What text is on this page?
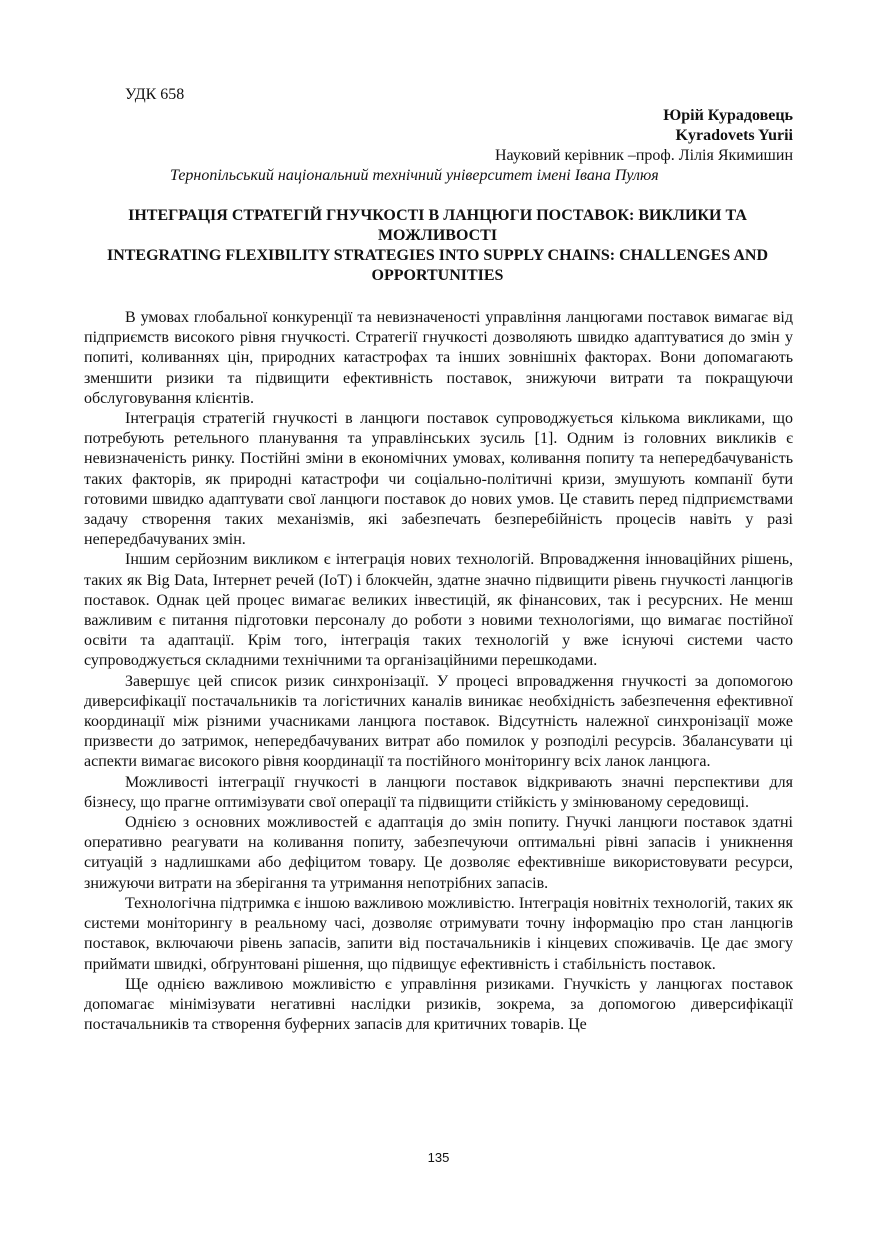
УДК 658
Юрій Курадовець
Kyradovets Yurii
Науковий керівник –проф. Лілія Якимишин
Тернопільський національний технічний університет імені Івана Пулюя
ІНТЕГРАЦІЯ СТРАТЕГІЙ ГНУЧКОСТІ В ЛАНЦЮГИ ПОСТАВОК: ВИКЛИКИ ТА МОЖЛИВОСТІ
INTEGRATING FLEXIBILITY STRATEGIES INTO SUPPLY CHAINS: CHALLENGES AND OPPORTUNITIES

В умовах глобальної конкуренції та невизначеності управління ланцюгами поставок вимагає від підприємств високого рівня гнучкості. Стратегії гнучкості дозволяють швидко адаптуватися до змін у попиті, коливаннях цін, природних катастрофах та інших зовнішніх факторах. Вони допомагають зменшити ризики та підвищити ефективність поставок, знижуючи витрати та покращуючи обслуговування клієнтів.

Інтеграція стратегій гнучкості в ланцюги поставок супроводжується кількома викликами, що потребують ретельного планування та управлінських зусиль [1]. Одним із головних викликів є невизначеність ринку. Постійні зміни в економічних умовах, коливання попиту та непередбачуваність таких факторів, як природні катастрофи чи соціально-політичні кризи, змушують компанії бути готовими швидко адаптувати свої ланцюги поставок до нових умов. Це ставить перед підприємствами задачу створення таких механізмів, які забезпечать безперебійність процесів навіть у разі непередбачуваних змін.

Іншим серйозним викликом є інтеграція нових технологій. Впровадження інноваційних рішень, таких як Big Data, Інтернет речей (IoT) і блокчейн, здатне значно підвищити рівень гнучкості ланцюгів поставок. Однак цей процес вимагає великих інвестицій, як фінансових, так і ресурсних. Не менш важливим є питання підготовки персоналу до роботи з новими технологіями, що вимагає постійної освіти та адаптації. Крім того, інтеграція таких технологій у вже існуючі системи часто супроводжується складними технічними та організаційними перешкодами.

Завершує цей список ризик синхронізації. У процесі впровадження гнучкості за допомогою диверсифікації постачальників та логістичних каналів виникає необхідність забезпечення ефективної координації між різними учасниками ланцюга поставок. Відсутність належної синхронізації може призвести до затримок, непередбачуваних витрат або помилок у розподілі ресурсів. Збалансувати ці аспекти вимагає високого рівня координації та постійного моніторингу всіх ланок ланцюга.

Можливості інтеграції гнучкості в ланцюги поставок відкривають значні перспективи для бізнесу, що прагне оптимізувати свої операції та підвищити стійкість у змінюваному середовищі.

Однією з основних можливостей є адаптація до змін попиту. Гнучкі ланцюги поставок здатні оперативно реагувати на коливання попиту, забезпечуючи оптимальні рівні запасів і уникнення ситуацій з надлишками або дефіцитом товару. Це дозволяє ефективніше використовувати ресурси, знижуючи витрати на зберігання та утримання непотрібних запасів.

Технологічна підтримка є іншою важливою можливістю. Інтеграція новітніх технологій, таких як системи моніторингу в реальному часі, дозволяє отримувати точну інформацію про стан ланцюгів поставок, включаючи рівень запасів, запити від постачальників і кінцевих споживачів. Це дає змогу приймати швидкі, обґрунтовані рішення, що підвищує ефективність і стабільність поставок.

Ще однією важливою можливістю є управління ризиками. Гнучкість у ланцюгах поставок допомагає мінімізувати негативні наслідки ризиків, зокрема, за допомогою диверсифікації постачальників та створення буферних запасів для критичних товарів. Це

135
